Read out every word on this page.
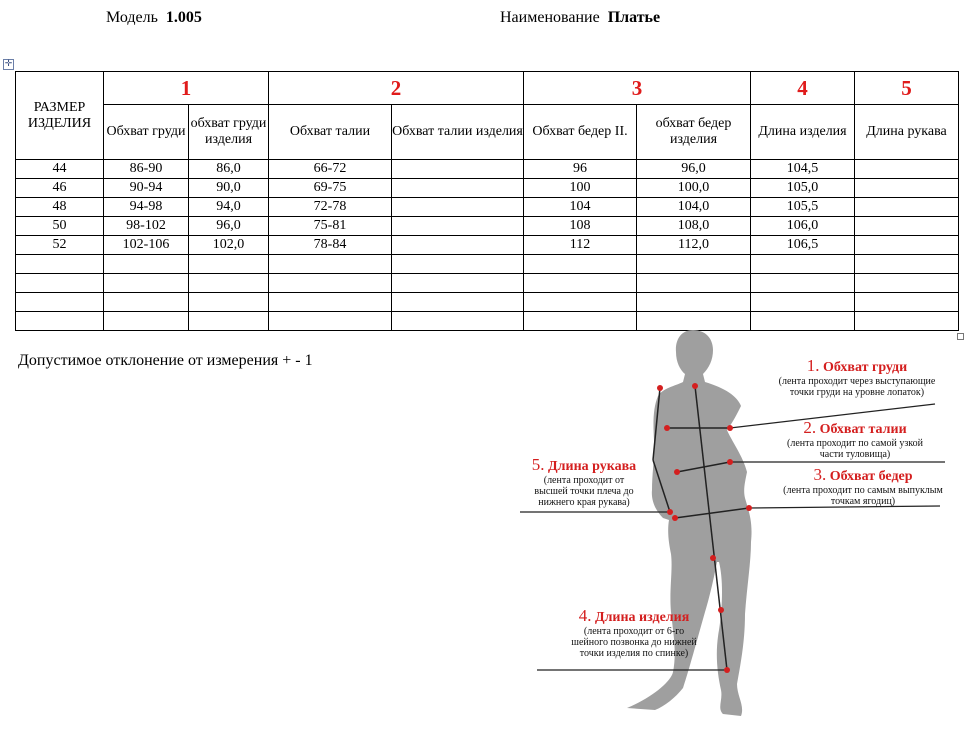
Модель 1.005	Наименование Платье
✛
РАЗМЕР ИЗДЕЛИЯ	1		2		3		4	5
	Обхват груди	обхват груди изделия	Обхват талии	Обхват талии изделия	Обхват бедер II.	обхват бедер изделия	Длина изделия	Длина рукава
44	86-90	86,0	66-72		96	96,0	104,5	
46	90-94	90,0	69-75		100	100,0	105,0	
48	94-98	94,0	72-78		104	104,0	105,5	
50	98-102	96,0	75-81		108	108,0	106,0	
52	102-106	102,0	78-84		112	112,0	106,5	

Допустимое отклонение от измерения + - 1	1. Обхват груди
(лента проходит через выступающие
точки груди на уровне лопаток)
2. Обхват талии
(лента проходит по самой узкой
части туловища)
3. Обхват бедер
(лента проходит по самым выпуклым
точкам ягодиц)
5. Длина рукава
(лента проходит от
высшей точки плеча до
нижнего края рукава)
4. Длина изделия
(лента проходит от 6-го
шейного позвонка до нижней
точки изделия по спинке)
